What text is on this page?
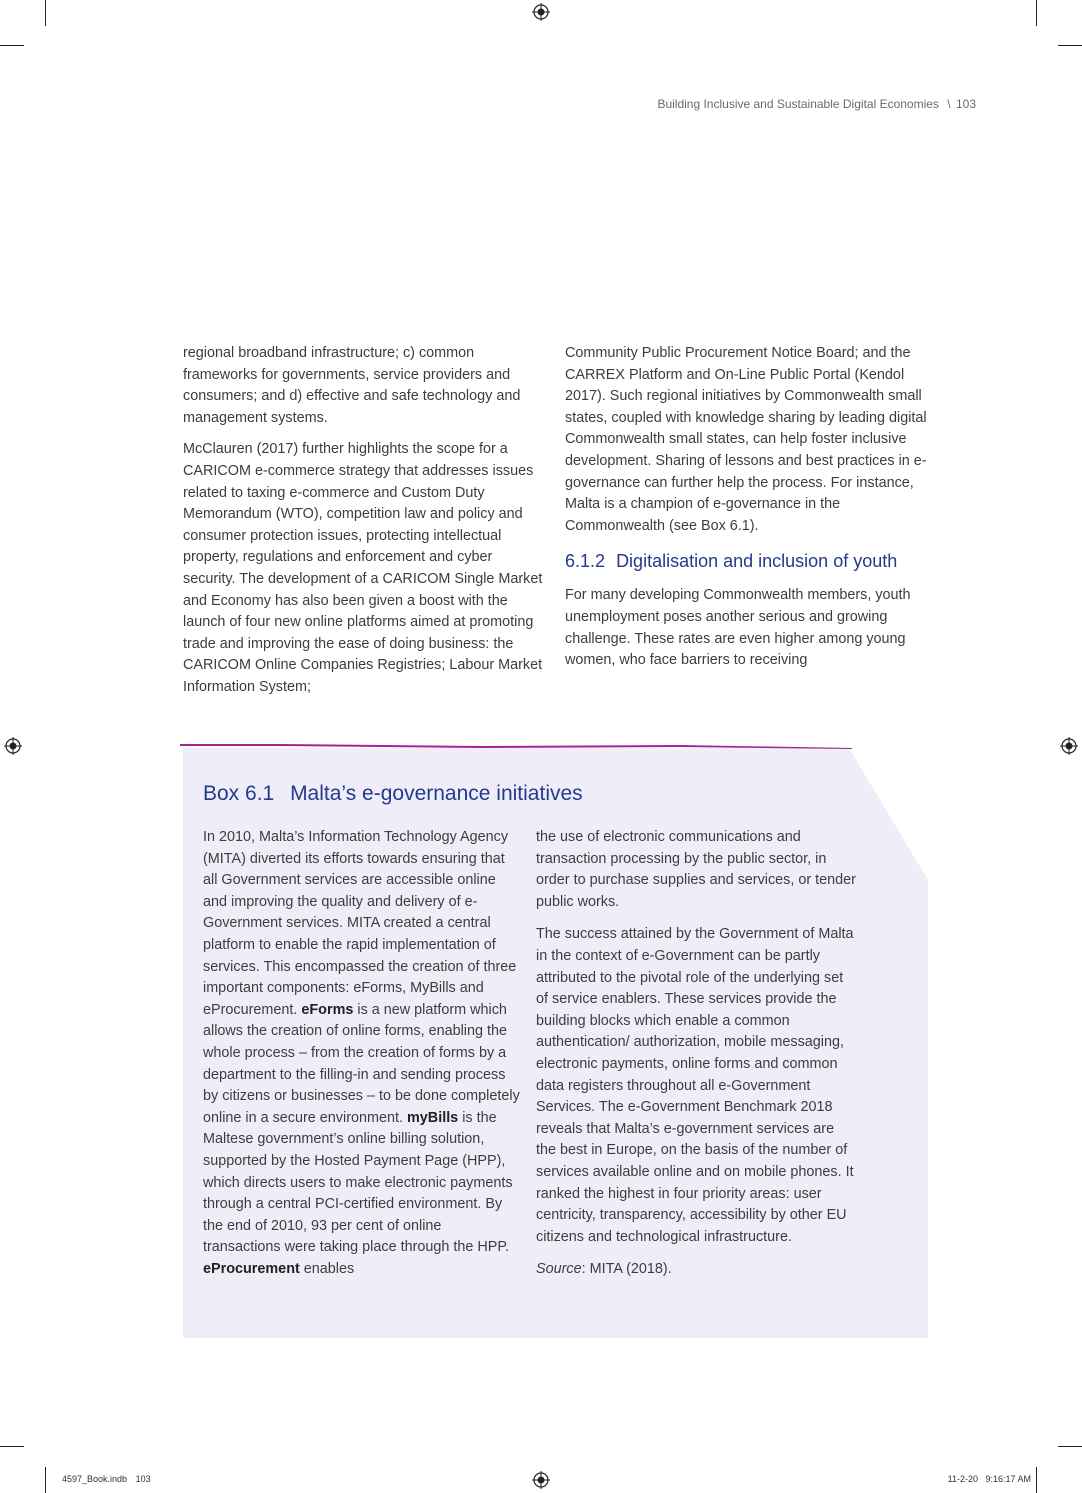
Building Inclusive and Sustainable Digital Economies \ 103

regional broadband infrastructure; c) common frameworks for governments, service providers and consumers; and d) effective and safe technology and management systems.

McClauren (2017) further highlights the scope for a CARICOM e-commerce strategy that addresses issues related to taxing e-commerce and Custom Duty Memorandum (WTO), competition law and policy and consumer protection issues, protecting intellectual property, regulations and enforcement and cyber security. The development of a CARICOM Single Market and Economy has also been given a boost with the launch of four new online platforms aimed at promoting trade and improving the ease of doing business: the CARICOM Online Companies Registries; Labour Market Information System;

Community Public Procurement Notice Board; and the CARREX Platform and On-Line Public Portal (Kendol 2017). Such regional initiatives by Commonwealth small states, coupled with knowledge sharing by leading digital Commonwealth small states, can help foster inclusive development. Sharing of lessons and best practices in e-governance can further help the process. For instance, Malta is a champion of e-governance in the Commonwealth (see Box 6.1).

6.1.2 Digitalisation and inclusion of youth

For many developing Commonwealth members, youth unemployment poses another serious and growing challenge. These rates are even higher among young women, who face barriers to receiving

Box 6.1 Malta’s e-governance initiatives

In 2010, Malta’s Information Technology Agency (MITA) diverted its efforts towards ensuring that all Government services are accessible online and improving the quality and delivery of e-Government services. MITA created a central platform to enable the rapid implementation of services. This encompassed the creation of three important components: eForms, MyBills and eProcurement. eForms is a new platform which allows the creation of online forms, enabling the whole process – from the creation of forms by a department to the filling-in and sending process by citizens or businesses – to be done completely online in a secure environment. myBills is the Maltese government’s online billing solution, supported by the Hosted Payment Page (HPP), which directs users to make electronic payments through a central PCI-certified environment. By the end of 2010, 93 per cent of online transactions were taking place through the HPP. eProcurement enables

the use of electronic communications and transaction processing by the public sector, in order to purchase supplies and services, or tender public works.

The success attained by the Government of Malta in the context of e-Government can be partly attributed to the pivotal role of the underlying set of service enablers. These services provide the building blocks which enable a common authentication/ authorization, mobile messaging, electronic payments, online forms and common data registers throughout all e-Government Services. The e-Government Benchmark 2018 reveals that Malta’s e-government services are the best in Europe, on the basis of the number of services available online and on mobile phones. It ranked the highest in four priority areas: user centricity, transparency, accessibility by other EU citizens and technological infrastructure.

Source: MITA (2018).

4597_Book.indb 103	11-2-20   9:16:17 AM
